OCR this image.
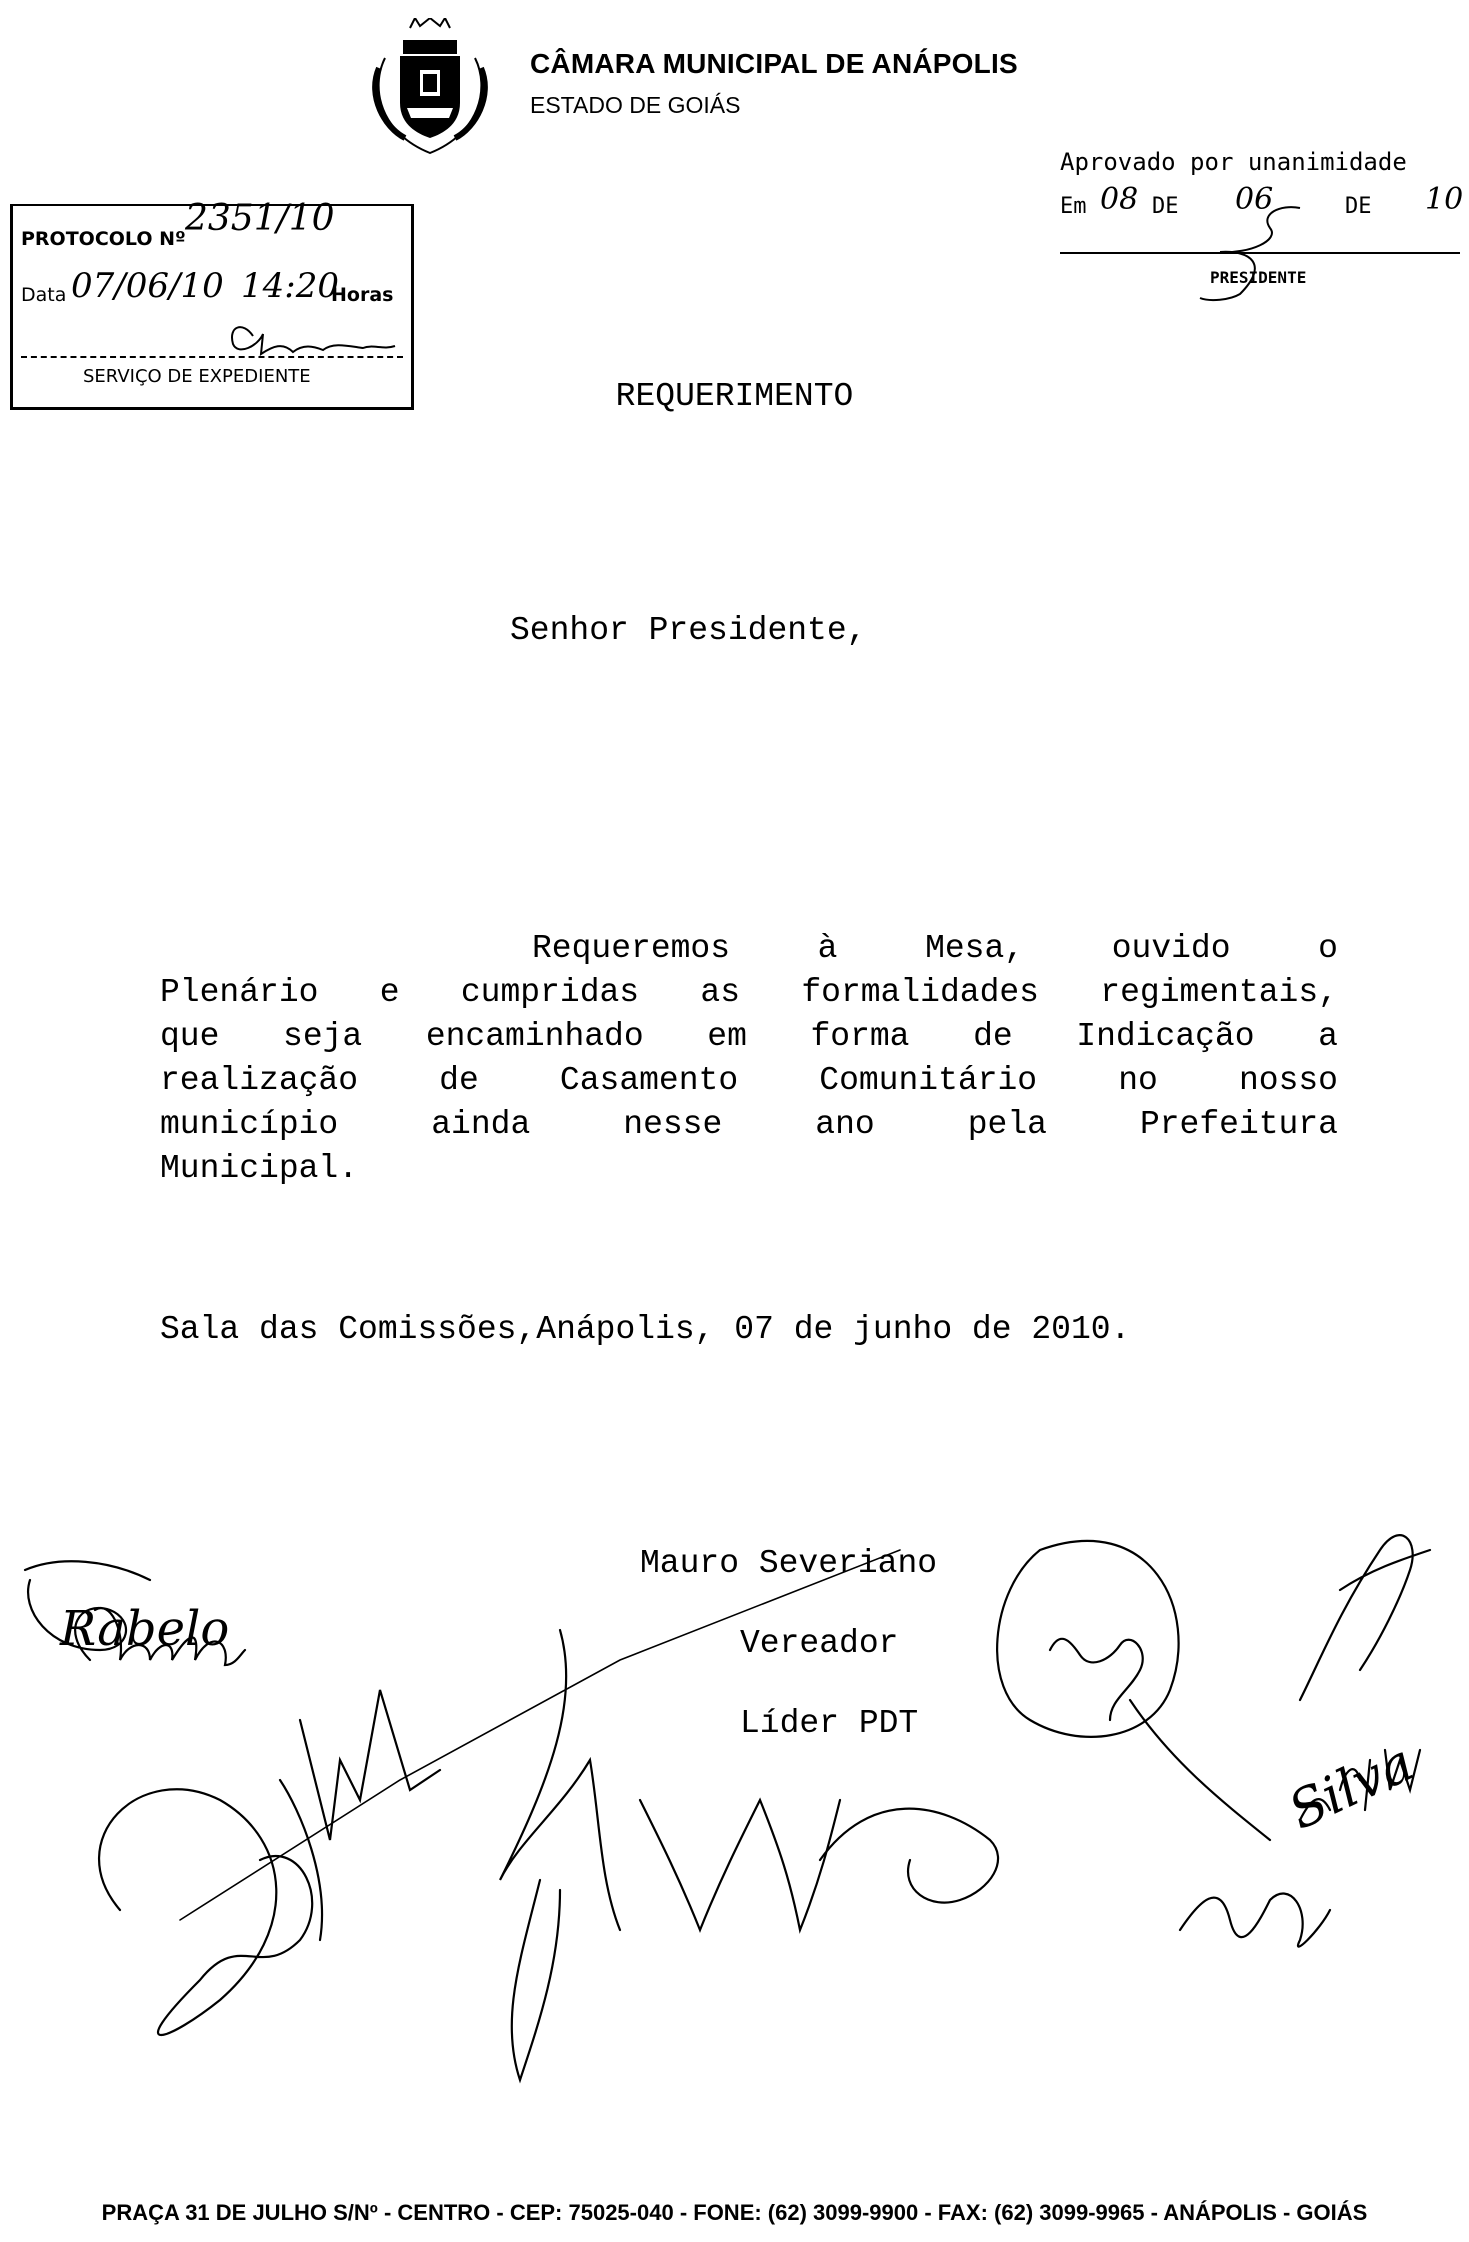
CÂMARA MUNICIPAL DE ANÁPOLIS
ESTADO DE GOIÁS
PROTOCOLO Nº 2351/10
Data 07/06/10 14:20
Horas
SERVIÇO DE EXPEDIENTE
Aprovado por unanimidade
Em 08 DE 06	DE 10
PRESIDENTE
REQUERIMENTO
Senhor Presidente,
Requeremos	à	Mesa,	ouvido	o
Plenário e cumpridas as formalidades regimentais,
que seja encaminhado em forma de Indicação a
realização de Casamento Comunitário no nosso
município	ainda	nesse	ano	pela	Prefeitura
Municipal.
Sala das Comissões,Anápolis, 07 de junho de 2010.
Rabelo
Silva
Mauro Severiano
Vereador
Líder PDT
PRAÇA 31 DE JULHO S/Nº - CENTRO - CEP: 75025-040 - FONE: (62) 3099-9900 - FAX: (62) 3099-9965 - ANÁPOLIS - GOIÁS
